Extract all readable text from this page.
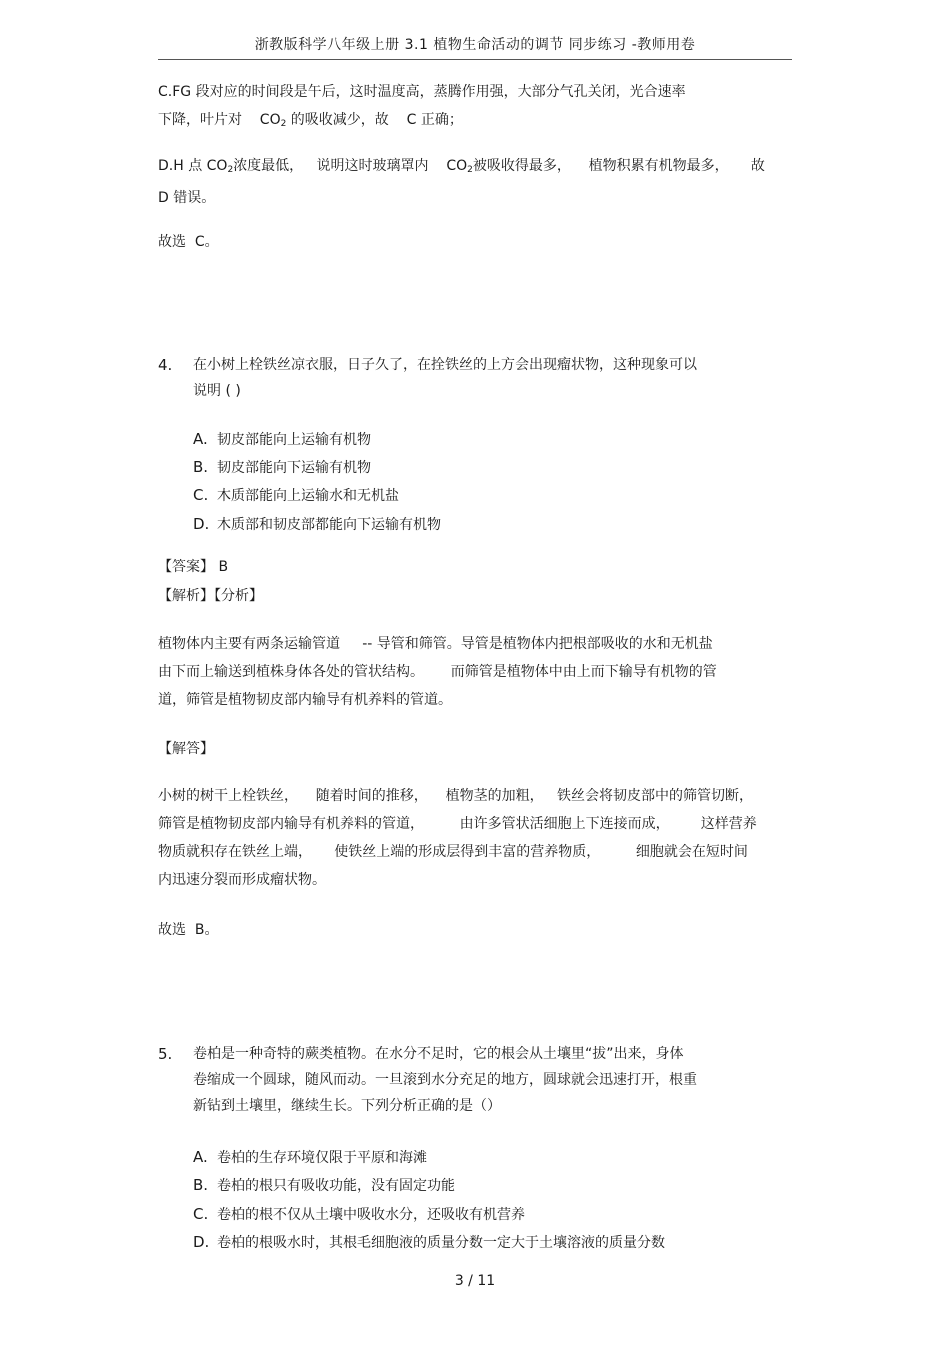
浙教版科学八年级上册 3.1 植物生命活动的调节 同步练习 -教师用卷

C.FG 段对应的时间段是午后，这时温度高，蒸腾作用强，大部分气孔关闭，光合速率

下降，叶片对    $CO_2$ 的吸收减少，故    C 正确；

D.H 点 $CO_2$浓度最低，   说明这时玻璃罩内    $CO_2$被吸收得最多，    植物积累有机物最多，     故

D 错误。

故选  C。

4. 在小树上栓铁丝凉衣服，日子久了，在拴铁丝的上方会出现瘤状物，这种现象可以

说明 ( )

A. 韧皮部能向上运输有机物
B. 韧皮部能向下运输有机物
C. 木质部能向上运输水和无机盐
D. 木质部和韧皮部都能向下运输有机物

【答案】 B

【解析】【分析】

植物体内主要有两条运输管道     -- 导管和筛管。导管是植物体内把根部吸收的水和无机盐

由下而上输送到植株身体各处的管状结构。      而筛管是植物体中由上而下输导有机物的管

道，筛管是植物韧皮部内输导有机养料的管道。

【解答】

小树的树干上栓铁丝，    随着时间的推移，    植物茎的加粗，   铁丝会将韧皮部中的筛管切断，

筛管是植物韧皮部内输导有机养料的管道，        由许多管状活细胞上下连接而成，       这样营养

物质就积存在铁丝上端，     使铁丝上端的形成层得到丰富的营养物质，        细胞就会在短时间

内迅速分裂而形成瘤状物。

故选  B。

5. 卷柏是一种奇特的蕨类植物。在水分不足时，它的根会从土壤里“拔”出来，身体

卷缩成一个圆球，随风而动。一旦滚到水分充足的地方，圆球就会迅速打开，根重

新钻到土壤里，继续生长。下列分析正确的是（）

A. 卷柏的生存环境仅限于平原和海滩
B. 卷柏的根只有吸收功能，没有固定功能
C. 卷柏的根不仅从土壤中吸收水分，还吸收有机营养
D. 卷柏的根吸水时，其根毛细胞液的质量分数一定大于土壤溶液的质量分数
3 / 11
